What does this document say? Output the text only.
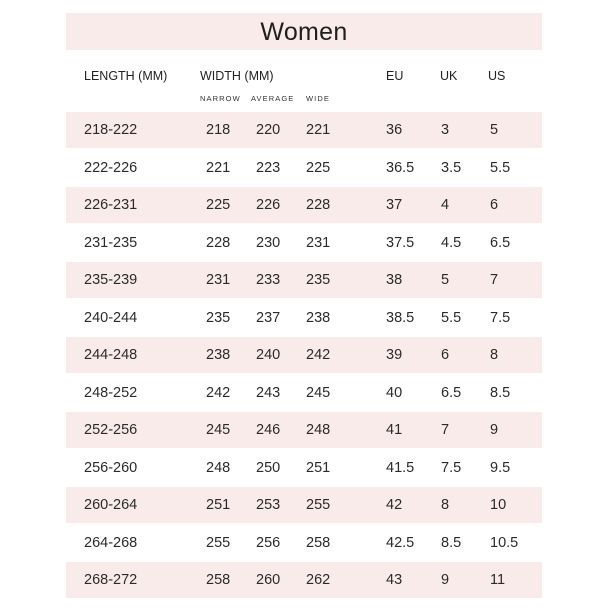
Women
LENGTH (MM)	WIDTH (MM)	EU	UK US
NARROW AVERAGE WIDE
218-222	218 220 221	36	3	5
222-226	221 223 225	36.5 3.5 5.5
226-231	225 226 228	37	4	6
231-235	228 230 231	37.5 4.5 6.5
235-239	231 233 235	38	5	7
240-244	235 237 238	38.5 5.5 7.5
244-248	238 240 242	39	6	8
248-252	242 243 245	40	6.5 8.5
252-256	245 246 248	41	7	9
256-260	248 250 251	41.5 7.5 9.5
260-264	251 253 255	42	8	10
264-268	255 256 258	42.5 8.5 10.5
268-272	258 260 262	43	9	11
